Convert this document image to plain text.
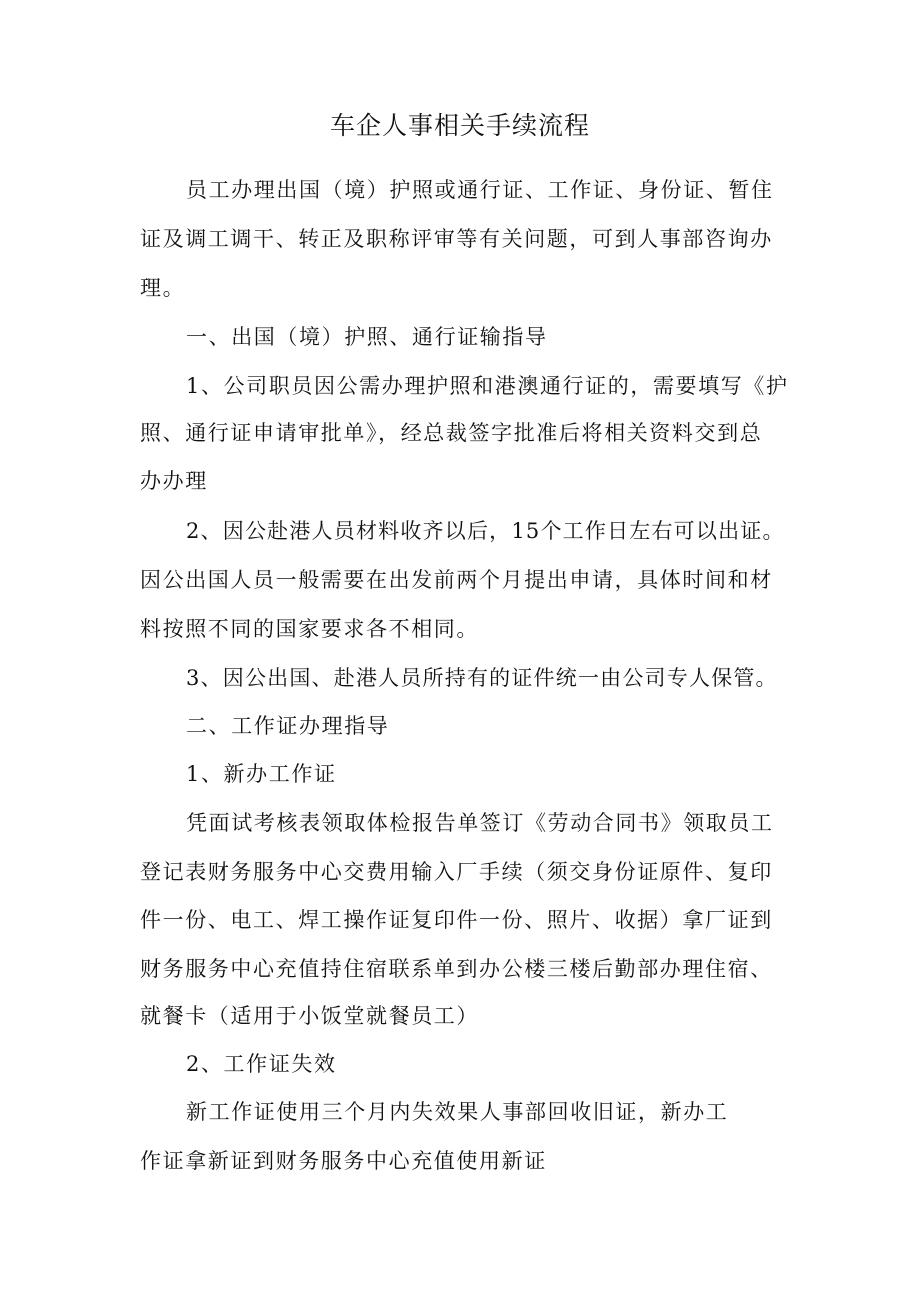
车企人事相关手续流程
员工办理出国（境）护照或通行证、工作证、身份证、暂住
证及调工调干、转正及职称评审等有关问题，可到人事部咨询办
理。
一、出国（境）护照、通行证输指导
1、公司职员因公需办理护照和港澳通行证的，需要填写《护
照、通行证申请审批单》，经总裁签字批准后将相关资料交到总
办办理
2、因公赴港人员材料收齐以后，15个工作日左右可以出证。
因公出国人员一般需要在出发前两个月提出申请，具体时间和材
料按照不同的国家要求各不相同。
3、因公出国、赴港人员所持有的证件统一由公司专人保管。
二、工作证办理指导
1、新办工作证
凭面试考核表领取体检报告单签订《劳动合同书》领取员工
登记表财务服务中心交费用输入厂手续（须交身份证原件、复印
件一份、电工、焊工操作证复印件一份、照片、收据）拿厂证到
财务服务中心充值持住宿联系单到办公楼三楼后勤部办理住宿、
就餐卡（适用于小饭堂就餐员工）
2、工作证失效
新工作证使用三个月内失效果人事部回收旧证，新办工
作证拿新证到财务服务中心充值使用新证
